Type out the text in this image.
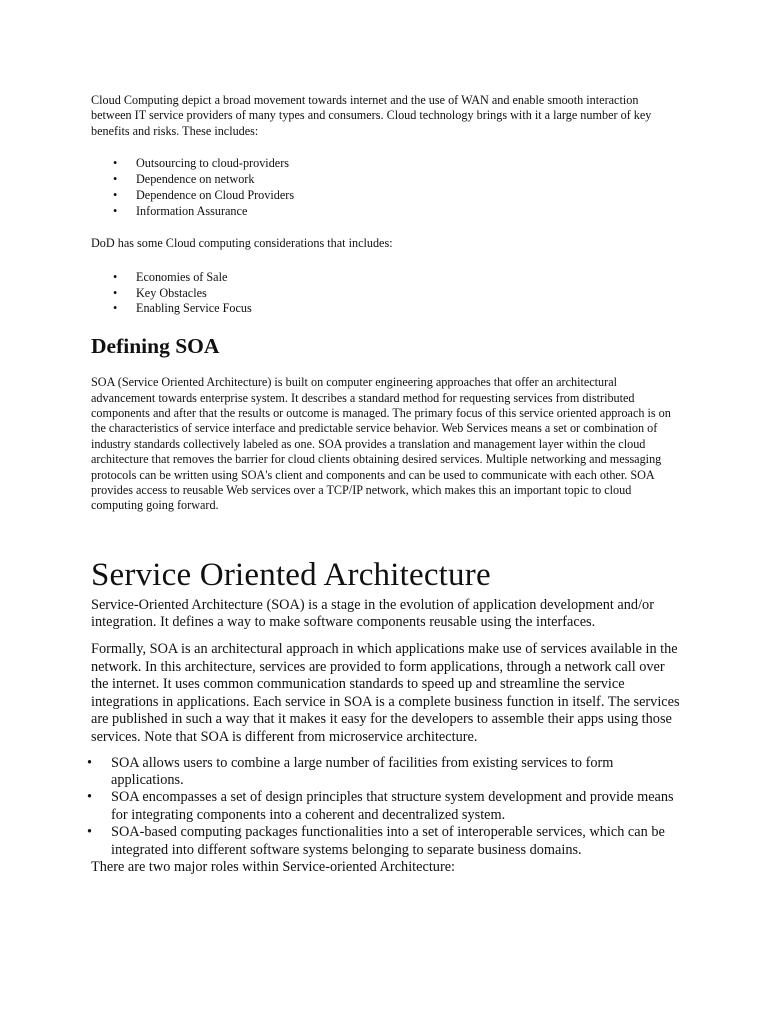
Cloud Computing depict a broad movement towards internet and the use of WAN and enable smooth interaction between IT service providers of many types and consumers. Cloud technology brings with it a large number of key benefits and risks. These includes:

• Outsourcing to cloud-providers
• Dependence on network
• Dependence on Cloud Providers
• Information Assurance

DoD has some Cloud computing considerations that includes:

• Economies of Sale
• Key Obstacles
• Enabling Service Focus
Defining SOA

SOA (Service Oriented Architecture) is built on computer engineering approaches that offer an architectural advancement towards enterprise system. It describes a standard method for requesting services from distributed components and after that the results or outcome is managed. The primary focus of this service oriented approach is on the characteristics of service interface and predictable service behavior. Web Services means a set or combination of industry standards collectively labeled as one. SOA provides a translation and management layer within the cloud architecture that removes the barrier for cloud clients obtaining desired services. Multiple networking and messaging protocols can be written using SOA's client and components and can be used to communicate with each other. SOA provides access to reusable Web services over a TCP/IP network, which makes this an important topic to cloud computing going forward.

Service Oriented Architecture

Service-Oriented Architecture (SOA) is a stage in the evolution of application development and/or integration. It defines a way to make software components reusable using the interfaces.

Formally, SOA is an architectural approach in which applications make use of services available in the network. In this architecture, services are provided to form applications, through a network call over the internet. It uses common communication standards to speed up and streamline the service integrations in applications. Each service in SOA is a complete business function in itself. The services are published in such a way that it makes it easy for the developers to assemble their apps using those services. Note that SOA is different from microservice architecture.

• SOA allows users to combine a large number of facilities from existing services to form applications.
• SOA encompasses a set of design principles that structure system development and provide means for integrating components into a coherent and decentralized system.
• SOA-based computing packages functionalities into a set of interoperable services, which can be integrated into different software systems belonging to separate business domains.

There are two major roles within Service-oriented Architecture:
